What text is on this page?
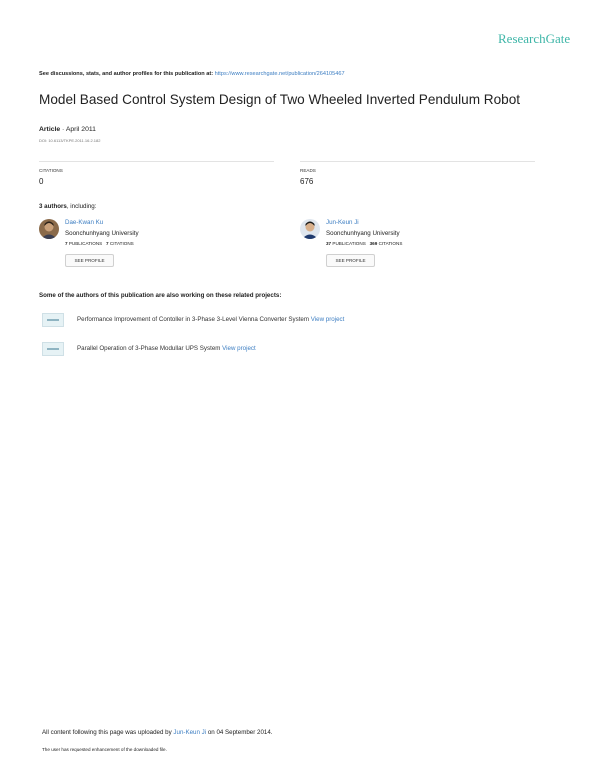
ResearchGate
See discussions, stats, and author profiles for this publication at: https://www.researchgate.net/publication/264105467
Model Based Control System Design of Two Wheeled Inverted Pendulum Robot
Article · April 2011
DOI: 10.6113/TKPE.2011.16.2.182
CITATIONS
0
READS
676
3 authors, including:
Dae-Kwan Ku
Soonchunhyang University
7 PUBLICATIONS 7 CITATIONS
SEE PROFILE
Jun-Keun Ji
Soonchunhyang University
37 PUBLICATIONS 369 CITATIONS
SEE PROFILE
Some of the authors of this publication are also working on these related projects:
Performance Improvement of Contoller in 3-Phase 3-Level Vienna Converter System View project
Parallel Operation of 3-Phase Modullar UPS System View project
All content following this page was uploaded by Jun-Keun Ji on 04 September 2014.
The user has requested enhancement of the downloaded file.
